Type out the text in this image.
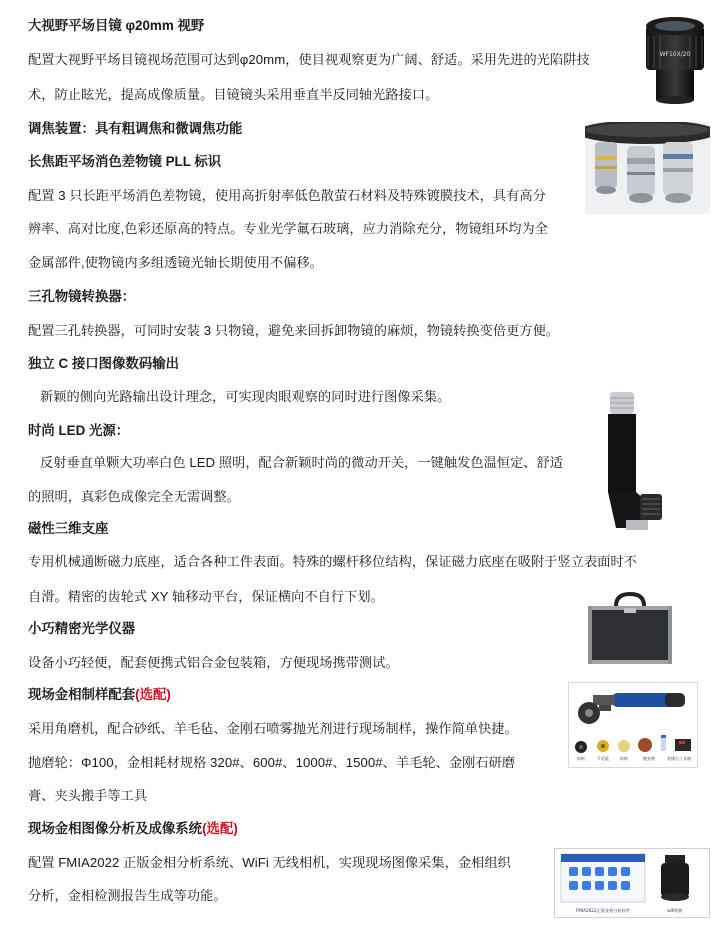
大视野平场目镜 φ20mm 视野
配置大视野平场目镜视场范围可达到φ20mm，使目视观察更为广阔、舒适。采用先进的光陷阱技
术，防止眩光，提高成像质量。目镜镜头采用垂直半反同轴光路接口。
WF10X/20
调焦装置：具有粗调焦和微调焦功能
长焦距平场消色差物镜 PLL 标识
配置 3 只长距平场消色差物镜，使用高折射率低色散萤石材料及特殊镀膜技术，具有高分
辨率、高对比度,色彩还原高的特点。专业光学氟石玻璃，应力消除充分，物镜组环均为全
金属部件,使物镜内多组透镜光轴长期使用不偏移。
三孔物镜转换器：
配置三孔转换器，可同时安装 3 只物镜，避免来回拆卸物镜的麻烦，物镜转换变倍更方便。
独立 C 接口图像数码输出
新颖的侧向光路输出设计理念，可实现肉眼观察的同时进行图像采集。
时尚 LED 光源：
反射垂直单颗大功率白色 LED 照明，配合新颖时尚的微动开关，一键触发色温恒定、舒适
的照明，真彩色成像完全无需调整。
磁性三维支座
专用机械通断磁力底座，适合各种工件表面。特殊的螺杆移位结构，保证磁力底座在吸附于竖立表面时不
自滑。精密的齿轮式 XY 轴移动平台，保证横向不自行下划。
小巧精密光学仪器
设备小巧轻便，配套便携式铝合金包装箱，方便现场携带测试。
现场金相制样配套(选配)
采用角磨机，配合砂纸、羊毛毡、金刚石喷雾抛光剂进行现场制样，操作简单快捷。
抛磨轮：Φ100，金相耗材规格 320#、600#、1000#、1500#、羊毛轮、金刚石研磨
膏、夹头搬手等工具
砂纸	羊毛轮	砂纸	抛光剂	金刚石工具箱
现场金相图像分析及成像系统(选配)
配置 FMIA2022 正版金相分析系统、WiFi 无线相机，实现现场图像采集，金相组织
分析，金相检测报告生成等功能。
FMIA2022正版金相分析软件	wifi相机
